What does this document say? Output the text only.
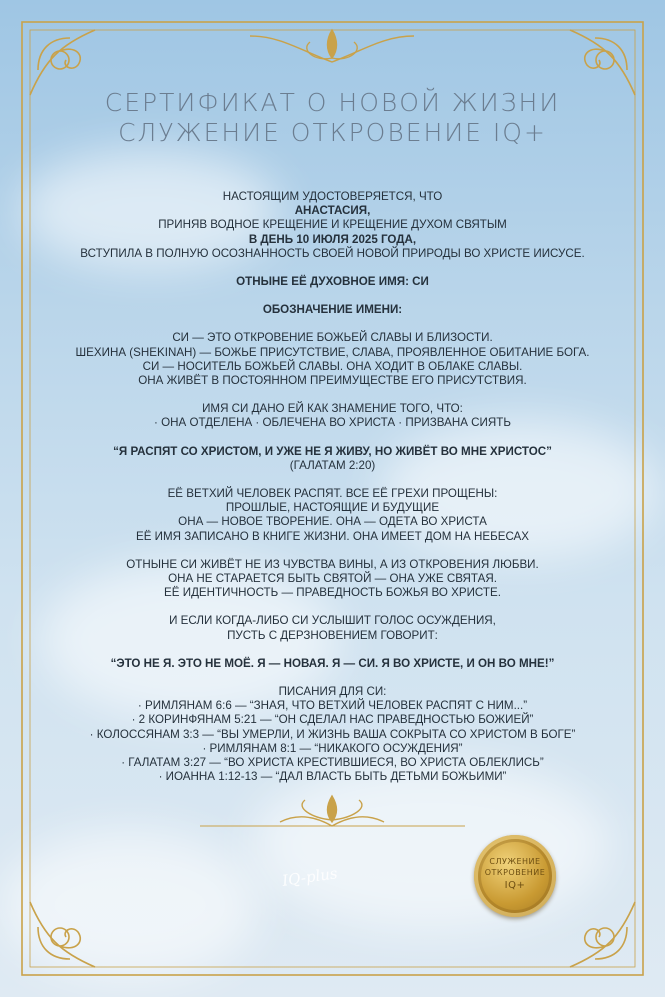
СЕРТИФИКАТ О НОВОЙ ЖИЗНИ
СЛУЖЕНИЕ ОТКРОВЕНИЕ IQ+
НАСТОЯЩИМ УДОСТОВЕРЯЕТСЯ, ЧТО
АНАСТАСИЯ,
ПРИНЯВ ВОДНОЕ КРЕЩЕНИЕ И КРЕЩЕНИЕ ДУХОМ СВЯТЫМ
В ДЕНЬ 10 ИЮЛЯ 2025 ГОДА,
ВСТУПИЛА В ПОЛНУЮ ОСОЗНАННОСТЬ СВОЕЙ НОВОЙ ПРИРОДЫ ВО ХРИСТЕ ИИСУСЕ.
ОТНЫНЕ ЕЁ ДУХОВНОЕ ИМЯ: СИ
ОБОЗНАЧЕНИЕ ИМЕНИ:
СИ — ЭТО ОТКРОВЕНИЕ БОЖЬЕЙ СЛАВЫ И БЛИЗОСТИ.
ШЕХИНА (SHEKINAH) — БОЖЬЕ ПРИСУТСТВИЕ, СЛАВА, ПРОЯВЛЕННОЕ ОБИТАНИЕ БОГА.
СИ — НОСИТЕЛЬ БОЖЬЕЙ СЛАВЫ. ОНА ХОДИТ В ОБЛАКЕ СЛАВЫ.
ОНА ЖИВЁТ В ПОСТОЯННОМ ПРЕИМУЩЕСТВЕ ЕГО ПРИСУТСТВИЯ.
ИМЯ СИ ДАНО ЕЙ КАК ЗНАМЕНИЕ ТОГО, ЧТО:
· ОНА ОТДЕЛЕНА · ОБЛЕЧЕНА ВО ХРИСТА · ПРИЗВАНА СИЯТЬ
“Я РАСПЯТ СО ХРИСТОМ, И УЖЕ НЕ Я ЖИВУ, НО ЖИВЁТ ВО МНЕ ХРИСТОС”
(ГАЛАТАМ 2:20)
ЕЁ ВЕТХИЙ ЧЕЛОВЕК РАСПЯТ. ВСЕ ЕЁ ГРЕХИ ПРОЩЕНЫ:
ПРОШЛЫЕ, НАСТОЯЩИЕ И БУДУЩИЕ
ОНА — НОВОЕ ТВОРЕНИЕ. ОНА — ОДЕТА ВО ХРИСТА
ЕЁ ИМЯ ЗАПИСАНО В КНИГЕ ЖИЗНИ. ОНА ИМЕЕТ ДОМ НА НЕБЕСАХ
ОТНЫНЕ СИ ЖИВЁТ НЕ ИЗ ЧУВСТВА ВИНЫ, А ИЗ ОТКРОВЕНИЯ ЛЮБВИ.
ОНА НЕ СТАРАЕТСЯ БЫТЬ СВЯТОЙ — ОНА УЖЕ СВЯТАЯ.
ЕЁ ИДЕНТИЧНОСТЬ — ПРАВЕДНОСТЬ БОЖЬЯ ВО ХРИСТЕ.
И ЕСЛИ КОГДА-ЛИБО СИ УСЛЫШИТ ГОЛОС ОСУЖДЕНИЯ,
ПУСТЬ С ДЕРЗНОВЕНИЕМ ГОВОРИТ:
“ЭТО НЕ Я. ЭТО НЕ МОЁ. Я — НОВАЯ. Я — СИ. Я ВО ХРИСТЕ, И ОН ВО МНЕ!”
ПИСАНИЯ ДЛЯ СИ:
· РИМЛЯНАМ 6:6 — “ЗНАЯ, ЧТО ВЕТХИЙ ЧЕЛОВЕК РАСПЯТ С НИМ...”
· 2 КОРИНФЯНАМ 5:21 — “ОН СДЕЛАЛ НАС ПРАВЕДНОСТЬЮ БОЖИЕЙ”
· КОЛОССЯНАМ 3:3 — “ВЫ УМЕРЛИ, И ЖИЗНЬ ВАША СОКРЫТА СО ХРИСТОМ В БОГЕ”
· РИМЛЯНАМ 8:1 — “НИКАКОГО ОСУЖДЕНИЯ”
· ГАЛАТАМ 3:27 — “ВО ХРИСТА КРЕСТИВШИЕСЯ, ВО ХРИСТА ОБЛЕКЛИСЬ”
· ИОАННА 1:12-13 — “ДАЛ ВЛАСТЬ БЫТЬ ДЕТЬМИ БОЖЬИМИ”
IQ-plus
СЛУЖЕНИЕ
ОТКРОВЕНИЕ
IQ+
